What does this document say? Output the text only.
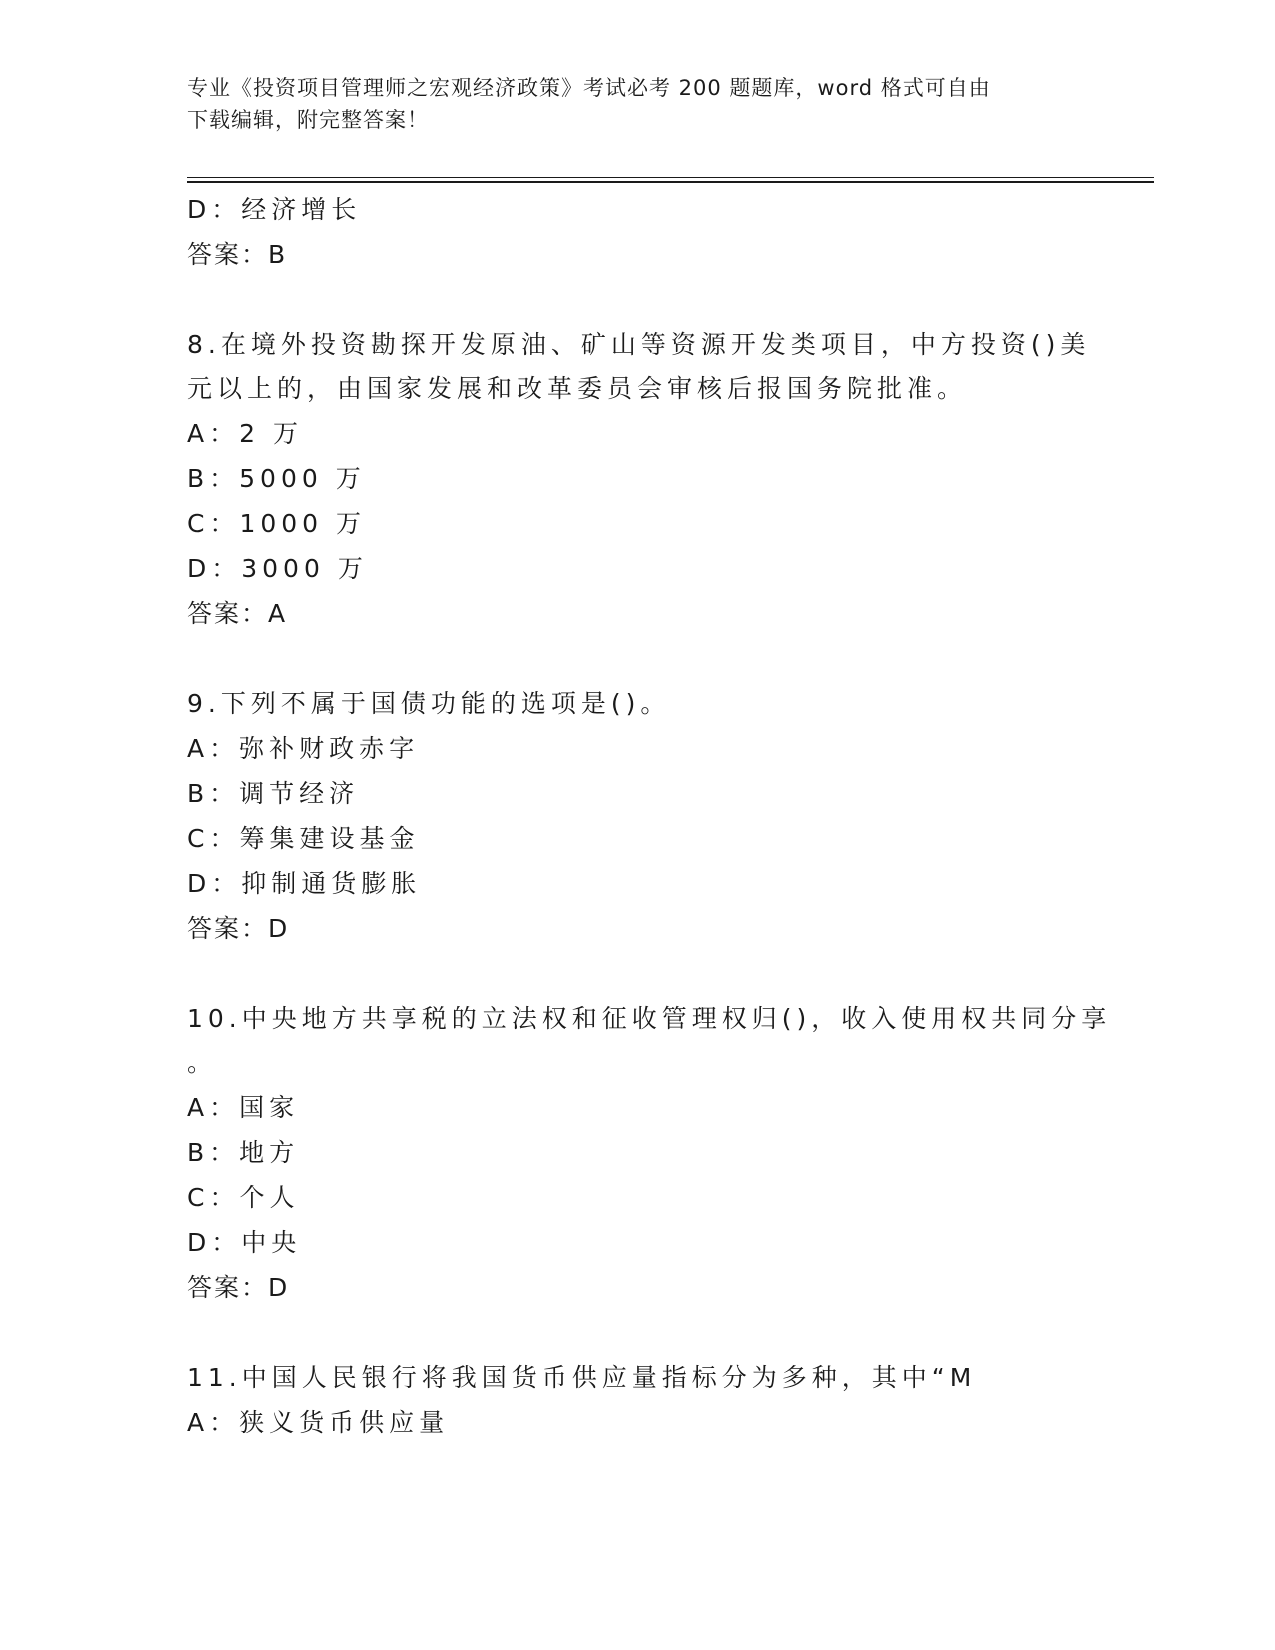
专业《投资项目管理师之宏观经济政策》考试必考 200 题题库，word 格式可自由
下载编辑，附完整答案！
D：经济增长
答案：B
8.在境外投资勘探开发原油、矿山等资源开发类项目，中方投资()美
元以上的，由国家发展和改革委员会审核后报国务院批准。
A：2 万
B：5000 万
C：1000 万
D：3000 万
答案：A
9.下列不属于国债功能的选项是()。
A：弥补财政赤字
B：调节经济
C：筹集建设基金
D：抑制通货膨胀
答案：D
10.中央地方共享税的立法权和征收管理权归()，收入使用权共同分享
。
A：国家
B：地方
C：个人
D：中央
答案：D
11.中国人民银行将我国货币供应量指标分为多种，其中“M
A：狭义货币供应量
